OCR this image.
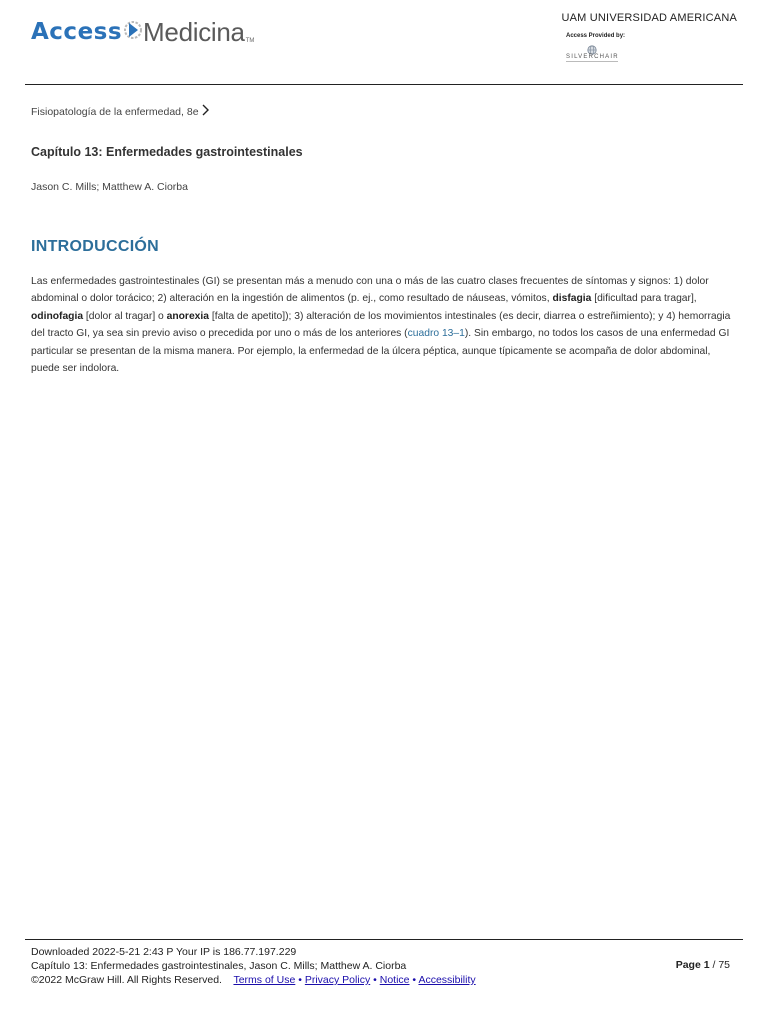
Access Medicina TM
UAM UNIVERSIDAD AMERICANA
Access Provided by:
SILVERCHAIR
Fisiopatología de la enfermedad, 8e
Capítulo 13: Enfermedades gastrointestinales
Jason C. Mills; Matthew A. Ciorba
INTRODUCCIÓN
Las enfermedades gastrointestinales (GI) se presentan más a menudo con una o más de las cuatro clases frecuentes de síntomas y signos: 1) dolor abdominal o dolor torácico; 2) alteración en la ingestión de alimentos (p. ej., como resultado de náuseas, vómitos, disfagia [dificultad para tragar], odinofagia [dolor al tragar] o anorexia [falta de apetito]); 3) alteración de los movimientos intestinales (es decir, diarrea o estreñimiento); y 4) hemorragia del tracto GI, ya sea sin previo aviso o precedida por uno o más de los anteriores (cuadro 13–1). Sin embargo, no todos los casos de una enfermedad GI particular se presentan de la misma manera. Por ejemplo, la enfermedad de la úlcera péptica, aunque típicamente se acompaña de dolor abdominal, puede ser indolora.
Downloaded 2022-5-21 2:43 P Your IP is 186.77.197.229
Capítulo 13: Enfermedades gastrointestinales, Jason C. Mills; Matthew A. Ciorba
©2022 McGraw Hill. All Rights Reserved. Terms of Use • Privacy Policy • Notice • Accessibility
Page 1 / 75
